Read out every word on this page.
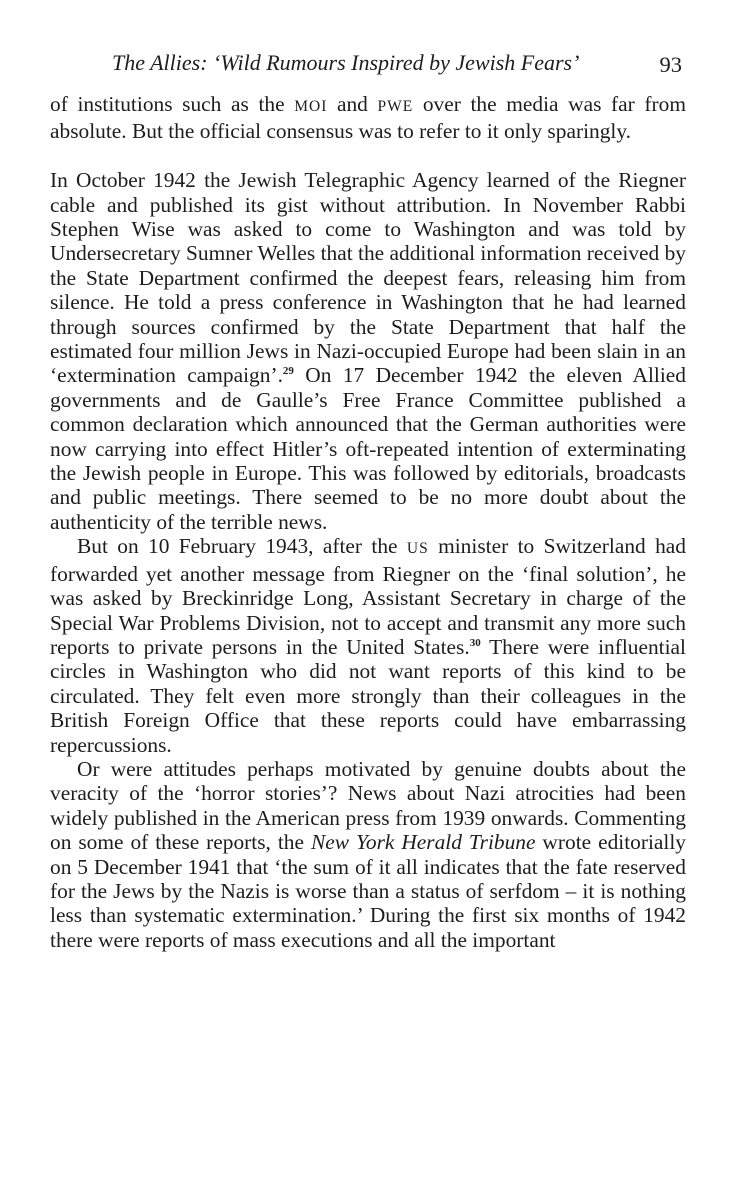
The Allies: ‘Wild Rumours Inspired by Jewish Fears’	93

of institutions such as the MOI and PWE over the media was far from absolute. But the official consensus was to refer to it only sparingly.

In October 1942 the Jewish Telegraphic Agency learned of the Riegner cable and published its gist without attribution. In November Rabbi Stephen Wise was asked to come to Washington and was told by Undersecretary Sumner Welles that the additional information received by the State Department confirmed the deepest fears, releasing him from silence. He told a press conference in Washington that he had learned through sources confirmed by the State Department that half the estimated four million Jews in Nazi-occupied Europe had been slain in an ‘extermination campaign’.$^{29}$ On 17 December 1942 the eleven Allied governments and de Gaulle’s Free France Committee published a common declaration which announced that the German authorities were now carrying into effect Hitler’s oft-repeated intention of exterminating the Jewish people in Europe. This was followed by editorials, broadcasts and public meetings. There seemed to be no more doubt about the authenticity of the terrible news.

But on 10 February 1943, after the US minister to Switzerland had forwarded yet another message from Riegner on the ‘final solution’, he was asked by Breckinridge Long, Assistant Secretary in charge of the Special War Problems Division, not to accept and transmit any more such reports to private persons in the United States.$^{30}$ There were influential circles in Washington who did not want reports of this kind to be circulated. They felt even more strongly than their colleagues in the British Foreign Office that these reports could have embarrassing repercussions.

Or were attitudes perhaps motivated by genuine doubts about the veracity of the ‘horror stories’? News about Nazi atrocities had been widely published in the American press from 1939 onwards. Commenting on some of these reports, the New York Herald Tribune wrote editorially on 5 December 1941 that ‘the sum of it all indicates that the fate reserved for the Jews by the Nazis is worse than a status of serfdom – it is nothing less than systematic extermination.’ During the first six months of 1942 there were reports of mass executions and all the important
